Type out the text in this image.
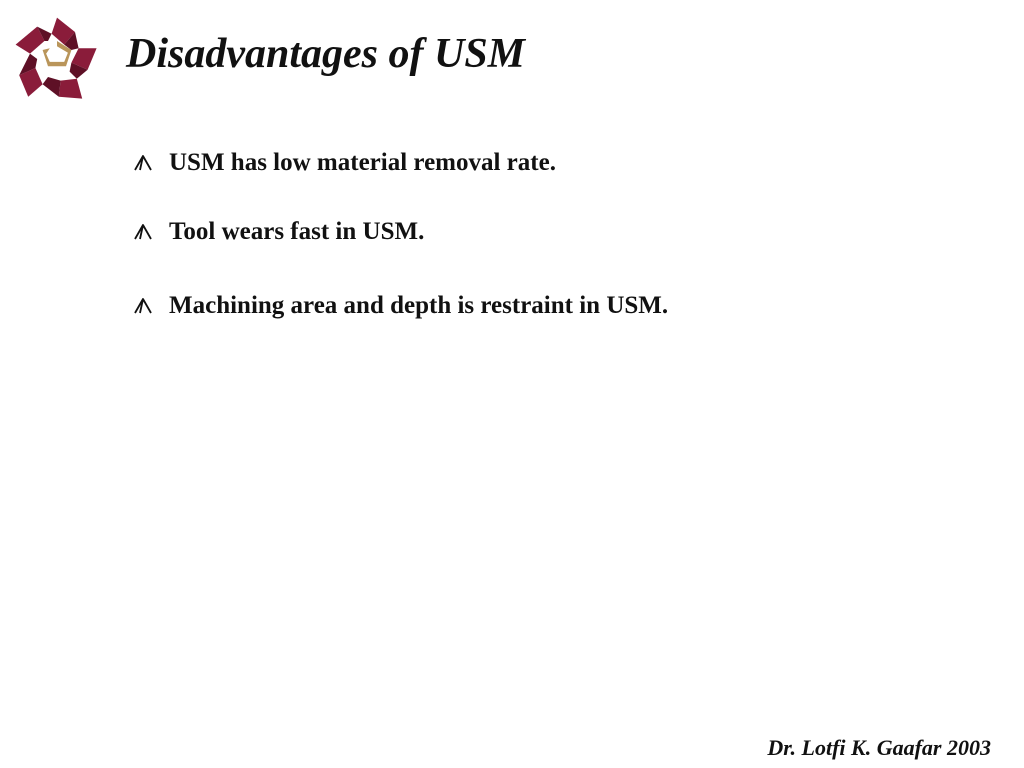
Disadvantages of USM
USM has low material removal rate.
Tool wears fast in USM.
Machining area and depth is restraint in USM.
Dr. Lotfi K. Gaafar 2003
